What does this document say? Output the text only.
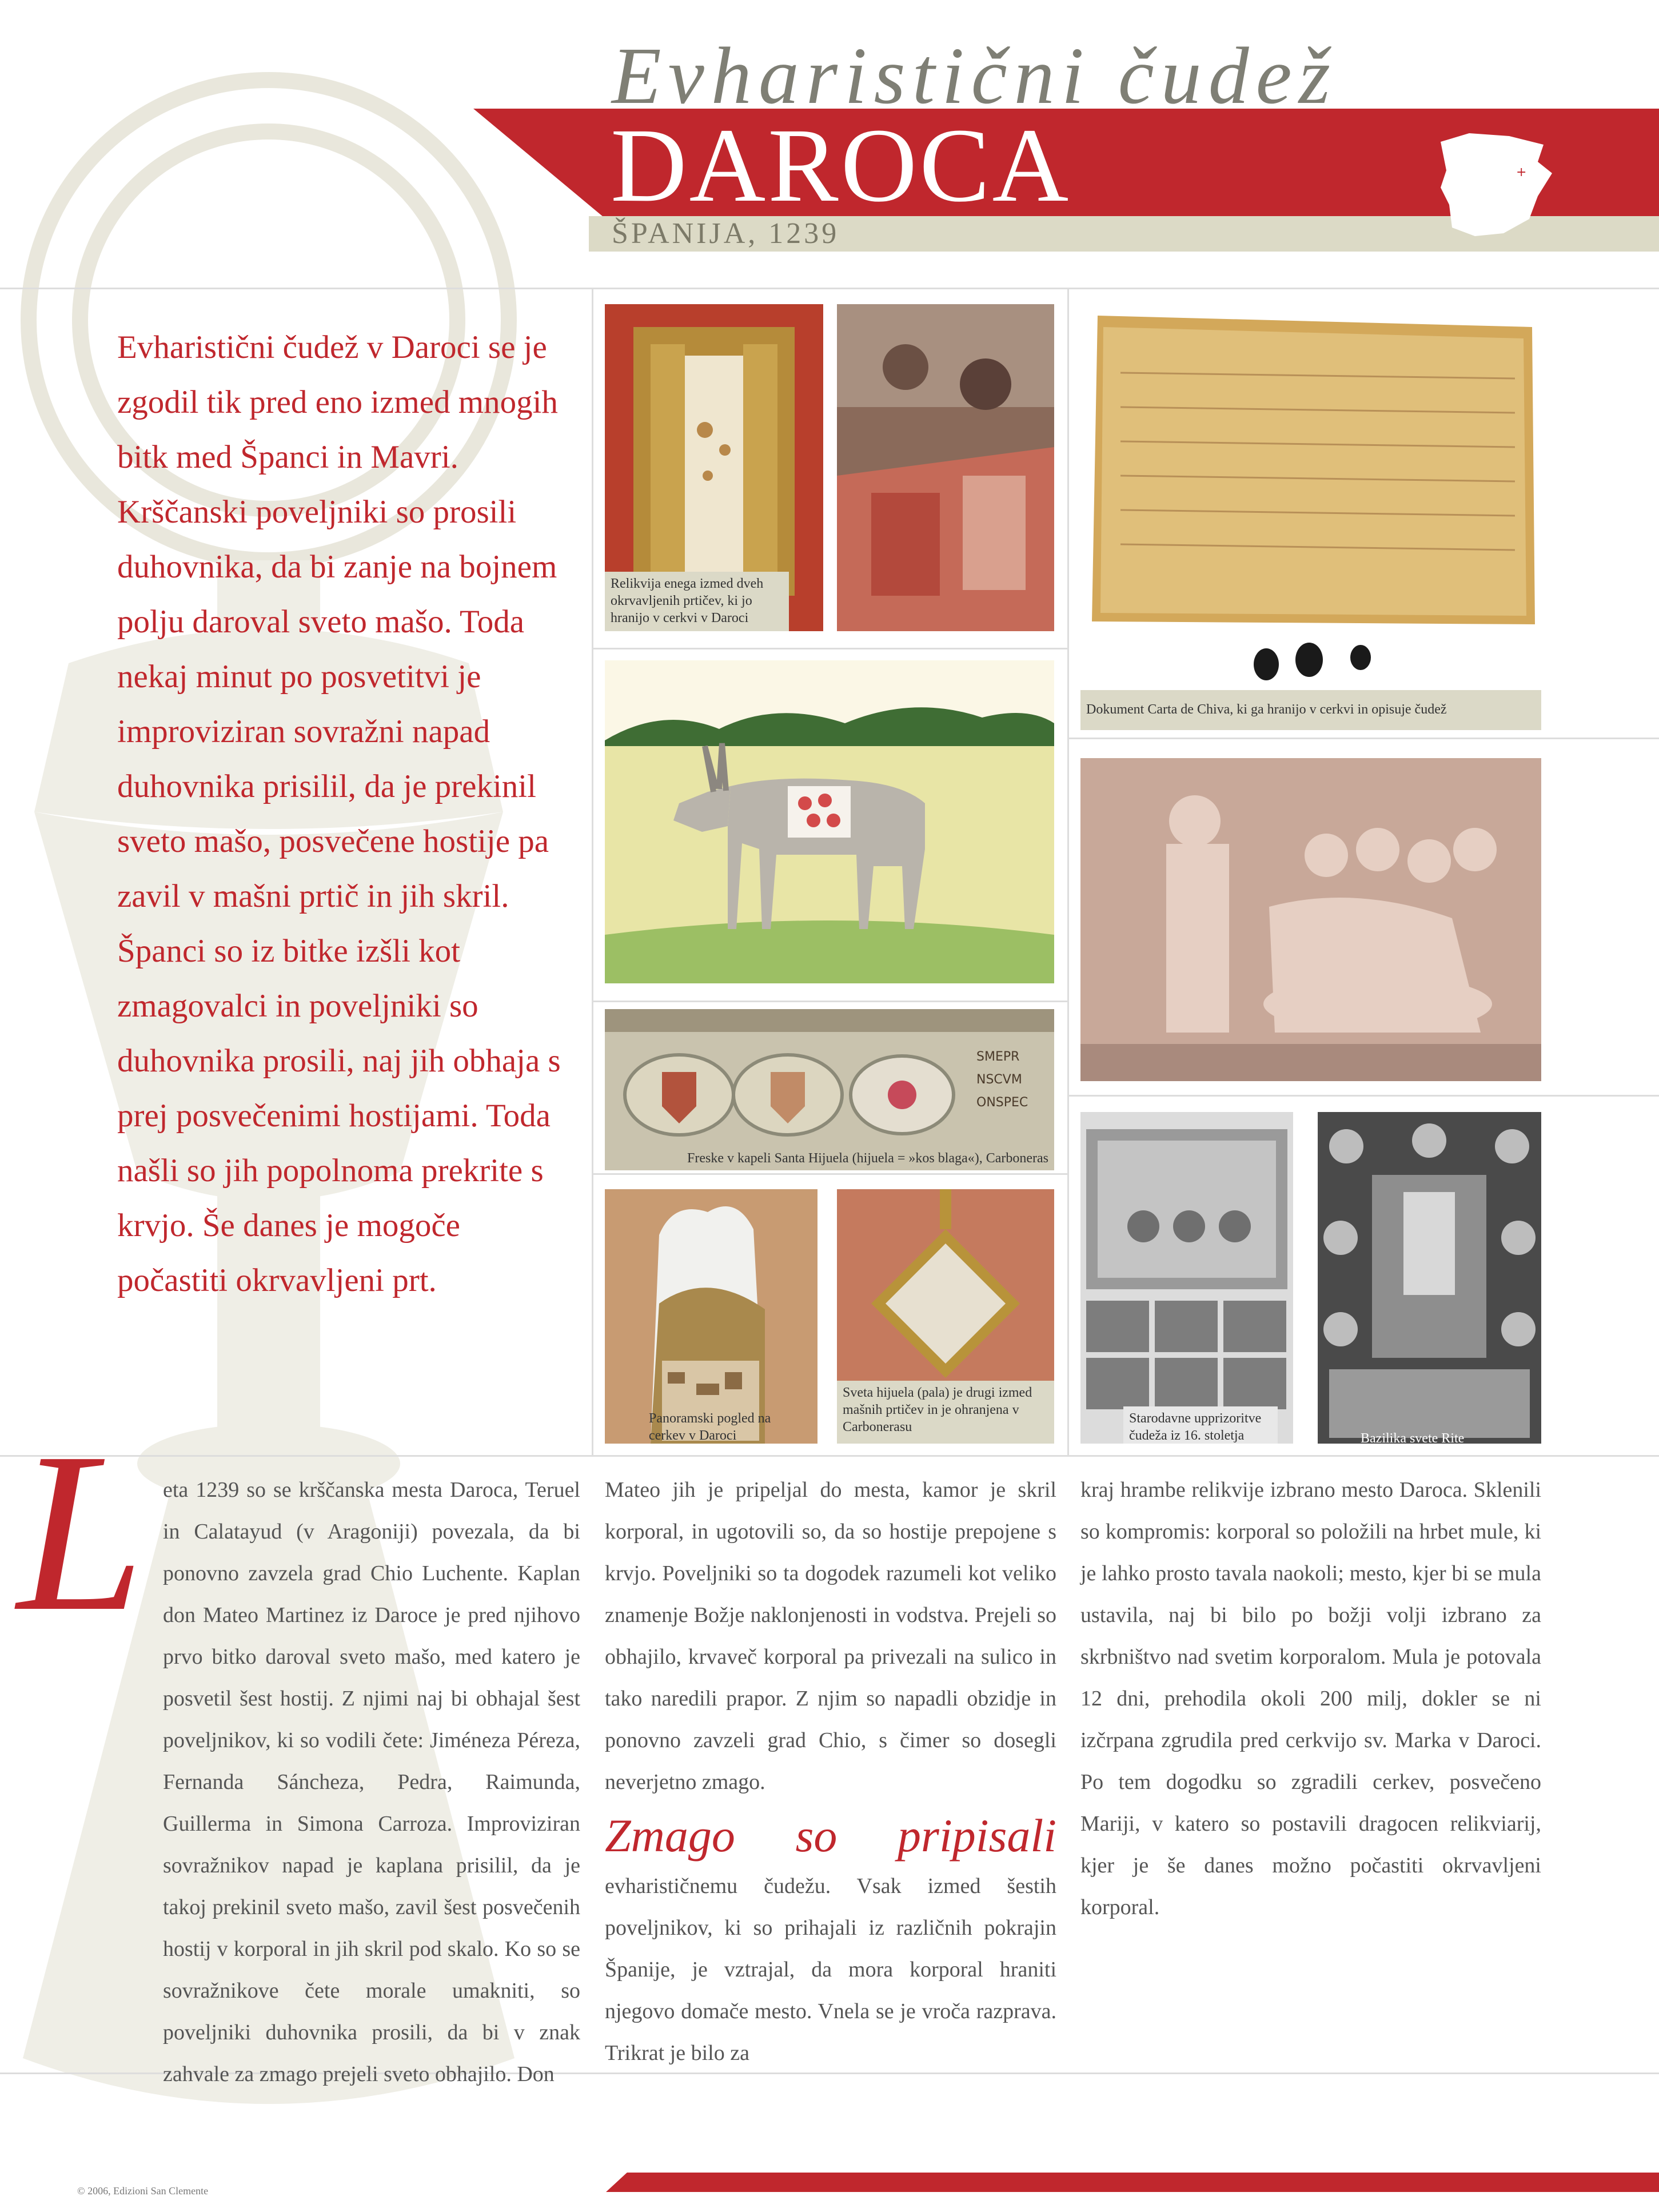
Evharistični čudež
DAROCA
ŠPANIJA, 1239
+
Evharistični čudež v Daroci se je zgodil tik pred eno izmed mnogih bitk med Španci in Mavri. Krščanski poveljniki so prosili duhovnika, da bi zanje na bojnem polju daroval sveto mašo. Toda nekaj minut po posvetitvi je improviziran sovražni napad duhovnika prisilil, da je prekinil sveto mašo, posvečene hostije pa zavil v mašni prtič in jih skril. Španci so iz bitke izšli kot zmagovalci in poveljniki so duhovnika prosili, naj jih obhaja s prej posvečenimi hostijami. Toda našli so jih popolnoma prekrite s krvjo. Še danes je mogoče počastiti okrvavljeni prt.
Relikvija enega izmed dveh okrvavljenih prtičev, ki jo hranijo v cerkvi v Daroci
Dokument Carta de Chiva, ki ga hranijo v cerkvi in opisuje čudež
SMEPR
NSCVM
ONSPEC
Freske v kapeli Santa Hijuela (hijuela = »kos blaga«), Carboneras
Panoramski pogled na cerkev v Daroci
Sveta hijuela (pala) je drugi izmed mašnih prtičev in je ohranjena v Carbonerasu
Starodavne upprizoritve čudeža iz 16. stoletja	Bazilika svete Rite
L eta 1239 so se krščanska mesta Daroca, Teruel in Calatayud (v Aragoniji) povezala, da bi ponovno zavzela grad Chio Luchente. Kaplan don Mateo Martinez iz Daroce je pred njihovo prvo bitko daroval sveto mašo, med katero je posvetil šest hostij. Z njimi naj bi obhajal šest poveljnikov, ki so vodili čete: Jiméneza Péreza, Fernanda Sáncheza, Pedra, Raimunda, Guillerma in Simona Carroza. Improviziran sovražnikov napad je kaplana prisilil, da je takoj prekinil sveto mašo, zavil šest posvečenih hostij v korporal in jih skril pod skalo. Ko so se sovražnikove čete morale umakniti, so poveljniki duhovnika prosili, da bi v znak zahvale za zmago prejeli sveto obhajilo. Don
Mateo jih je pripeljal do mesta, kamor je skril korporal, in ugotovili so, da so hostije prepojene s krvjo. Poveljniki so ta dogodek razumeli kot veliko znamenje Božje naklonjenosti in vodstva. Prejeli so obhajilo, krvaveč korporal pa privezali na sulico in tako naredili prapor. Z njim so napadli obzidje in ponovno zavzeli grad Chio, s čimer so dosegli neverjetno zmago.
Zmago so pripisali evharističnemu čudežu. Vsak izmed šestih poveljnikov, ki so prihajali iz različnih pokrajin Španije, je vztrajal, da mora korporal hraniti njegovo domače mesto. Vnela se je vroča razprava. Trikrat je bilo za
kraj hrambe relikvije izbrano mesto Daroca. Sklenili so kompromis: korporal so položili na hrbet mule, ki je lahko prosto tavala naokoli; mesto, kjer bi se mula ustavila, naj bi bilo po božji volji izbrano za skrbništvo nad svetim korporalom. Mula je potovala 12 dni, prehodila okoli 200 milj, dokler se ni izčrpana zgrudila pred cerkvijo sv. Marka v Daroci. Po tem dogodku so zgradili cerkev, posvečeno Mariji, v katero so postavili dragocen relikviarij, kjer je še danes možno počastiti okrvavljeni korporal.
© 2006, Edizioni San Clemente
